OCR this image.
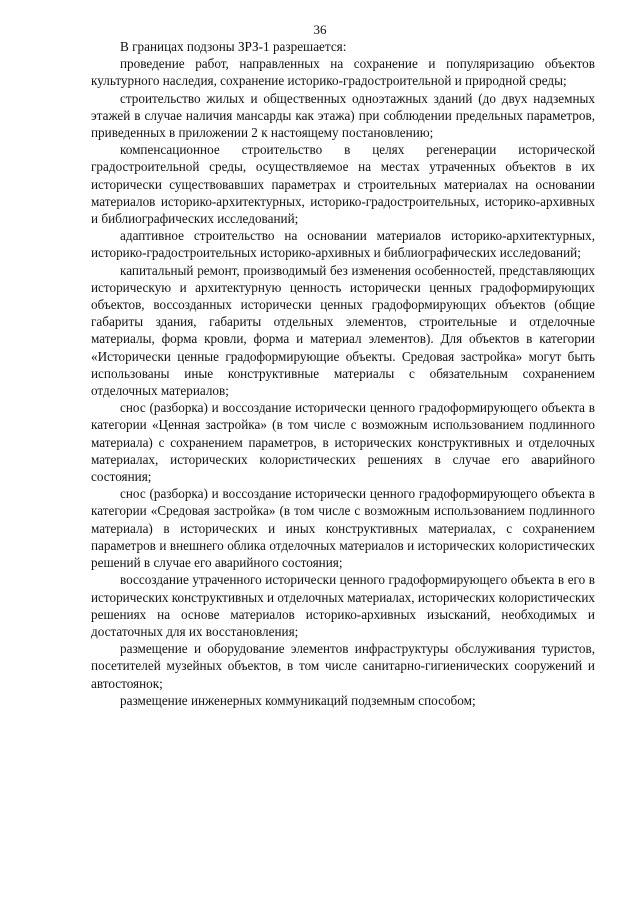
36

В границах подзоны ЗРЗ-1 разрешается:

проведение работ, направленных на сохранение и популяризацию объектов культурного наследия, сохранение историко-градостроительной и природной среды;

строительство жилых и общественных одноэтажных зданий (до двух надземных этажей в случае наличия мансарды как этажа) при соблюдении предельных параметров, приведенных в приложении 2 к настоящему постановлению;

компенсационное строительство в целях регенерации исторической градостроительной среды, осуществляемое на местах утраченных объектов в их исторически существовавших параметрах и строительных материалах на основании материалов историко-архитектурных, историко-градостроительных, историко-архивных и библиографических исследований;

адаптивное строительство на основании материалов историко-архитектурных, историко-градостроительных историко-архивных и библиографических исследований;

капитальный ремонт, производимый без изменения особенностей, представляющих историческую и архитектурную ценность исторически ценных градоформирующих объектов, воссозданных исторически ценных градоформирующих объектов (общие габариты здания, габариты отдельных элементов, строительные и отделочные материалы, форма кровли, форма и материал элементов). Для объектов в категории «Исторически ценные градоформирующие объекты. Средовая застройка» могут быть использованы иные конструктивные материалы с обязательным сохранением отделочных материалов;

снос (разборка) и воссоздание исторически ценного градоформирующего объекта в категории «Ценная застройка» (в том числе с возможным использованием подлинного материала) с сохранением параметров, в исторических конструктивных и отделочных материалах, исторических колористических решениях в случае его аварийного состояния;

снос (разборка) и воссоздание исторически ценного градоформирующего объекта в категории «Средовая застройка» (в том числе с возможным использованием подлинного материала) в исторических и иных конструктивных материалах, с сохранением параметров и внешнего облика отделочных материалов и исторических колористических решений в случае его аварийного состояния;

воссоздание утраченного исторически ценного градоформирующего объекта в его в исторических конструктивных и отделочных материалах, исторических колористических решениях на основе материалов историко-архивных изысканий, необходимых и достаточных для их восстановления;

размещение и оборудование элементов инфраструктуры обслуживания туристов, посетителей музейных объектов, в том числе санитарно-гигиенических сооружений и автостоянок;

размещение инженерных коммуникаций подземным способом;
